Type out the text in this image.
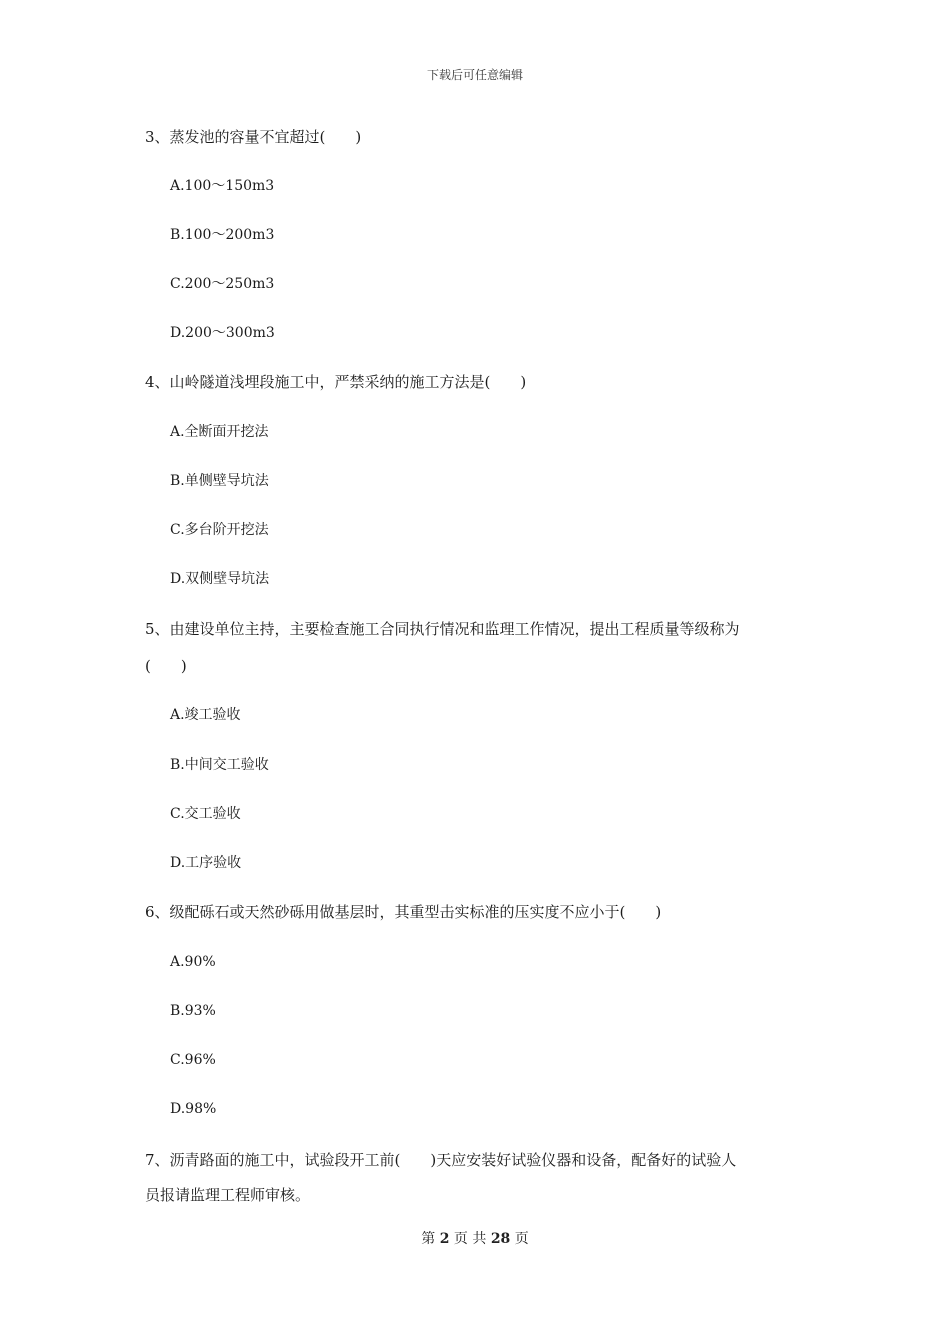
下载后可任意编辑
3、蒸发池的容量不宜超过(　　)
A.100～150m3
B.100～200m3
C.200～250m3
D.200～300m3
4、山岭隧道浅埋段施工中，严禁采纳的施工方法是(　　)
A.全断面开挖法
B.单侧壁导坑法
C.多台阶开挖法
D.双侧壁导坑法
5、由建设单位主持，主要检查施工合同执行情况和监理工作情况，提出工程质量等级称为
(　　)
A.竣工验收
B.中间交工验收
C.交工验收
D.工序验收
6、级配砾石或天然砂砾用做基层时，其重型击实标准的压实度不应小于(　　)
A.90%
B.93%
C.96%
D.98%
7、沥青路面的施工中，试验段开工前(　　)天应安装好试验仪器和设备，配备好的试验人
员报请监理工程师审核。
第 2 页 共 28 页
